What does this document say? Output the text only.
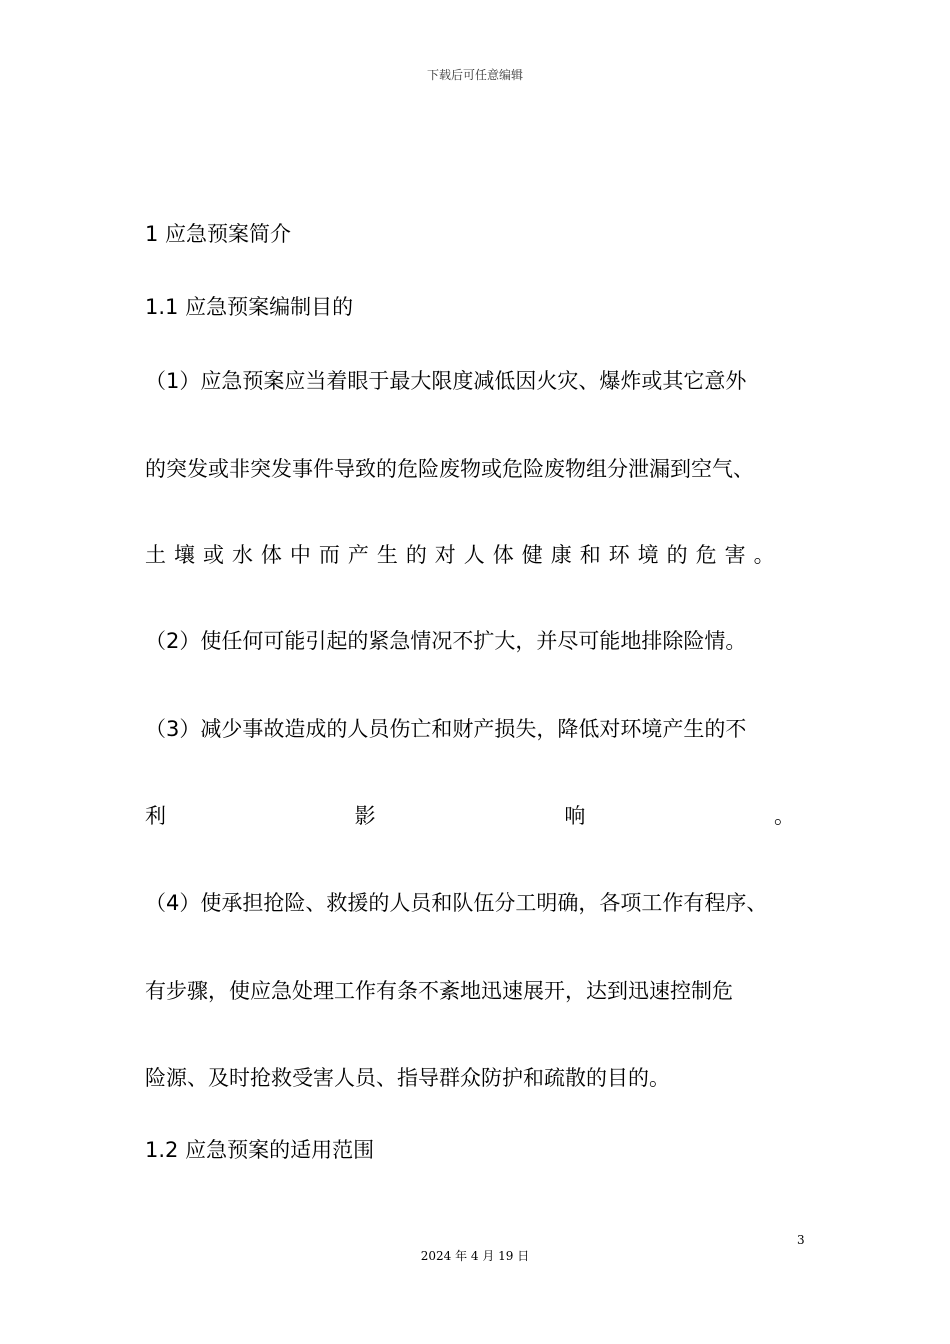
下载后可任意编辑
1 应急预案简介
1.1 应急预案编制目的
（1）应急预案应当着眼于最大限度减低因火灾、爆炸或其它意外
的突发或非突发事件导致的危险废物或危险废物组分泄漏到空气、
土壤或水体中而产生的对人体健康和环境的危害。
（2）使任何可能引起的紧急情况不扩大，并尽可能地排除险情。
（3）减少事故造成的人员伤亡和财产损失，降低对环境产生的不
利	影	响	。
（4）使承担抢险、救援的人员和队伍分工明确，各项工作有程序、
有步骤，使应急处理工作有条不紊地迅速展开，达到迅速控制危
险源、及时抢救受害人员、指导群众防护和疏散的目的。
1.2 应急预案的适用范围
3
2024 年 4 月 19 日
